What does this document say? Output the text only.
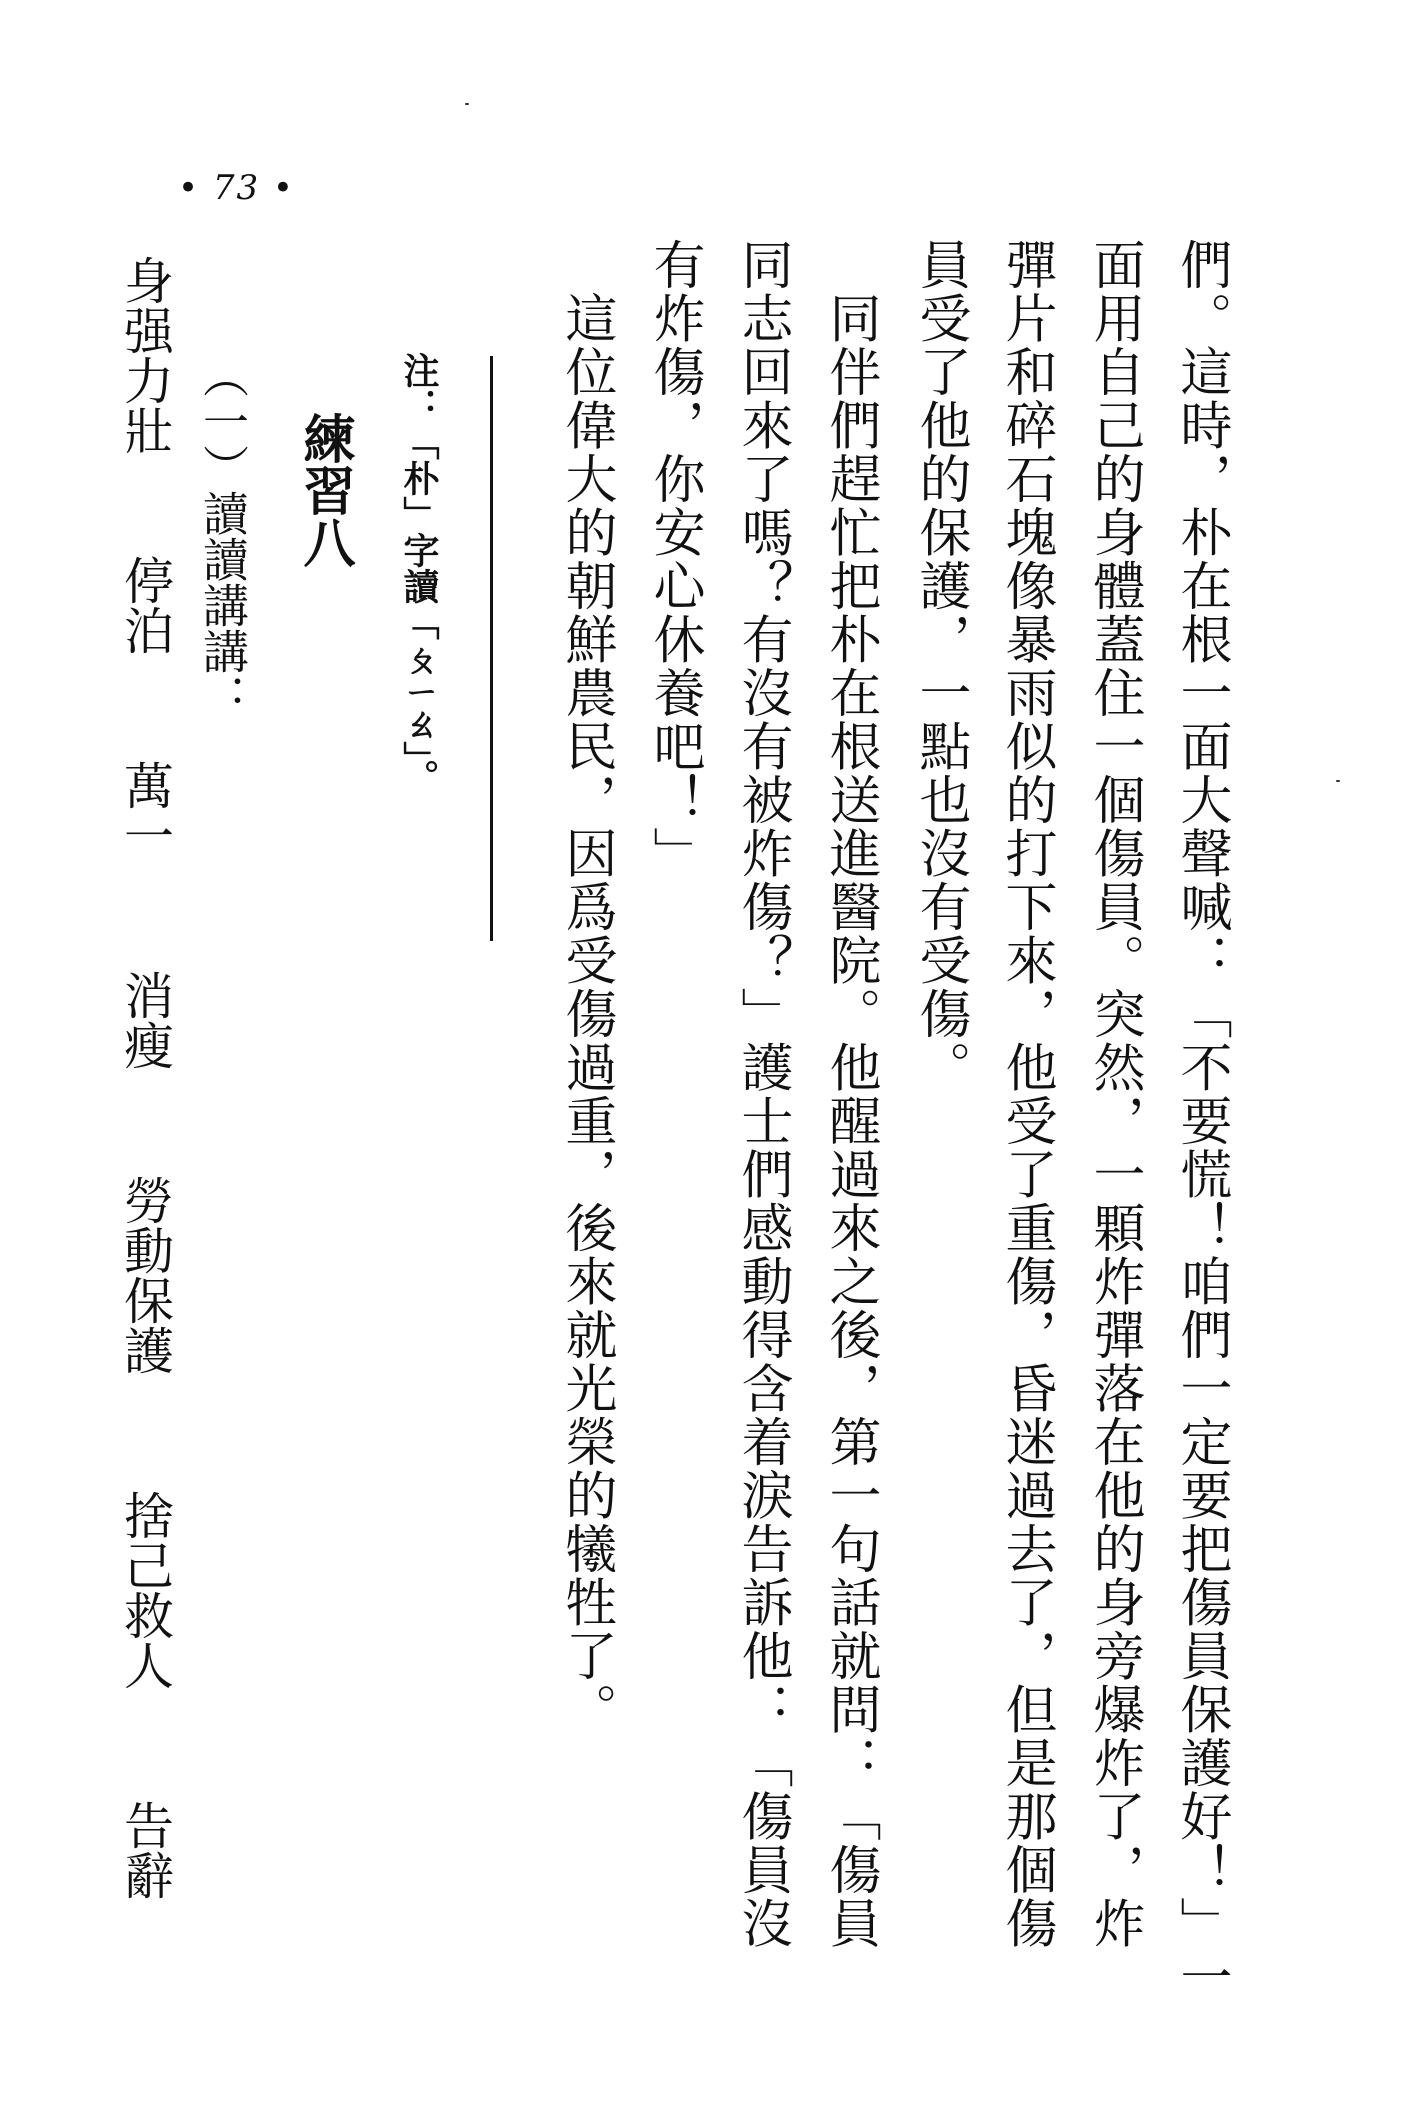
• 73 •
們。這時，朴在根一面大聲喊：「不要慌！咱們一定要把傷員保護好！」一
面用自己的身體蓋住一個傷員。突然，一顆炸彈落在他的身旁爆炸了，炸
彈片和碎石塊像暴雨似的打下來，他受了重傷，昏迷過去了，但是那個傷
員受了他的保護，一點也沒有受傷。
　同伴們趕忙把朴在根送進醫院。他醒過來之後，第一句話就問：「傷員
同志回來了嗎？有沒有被炸傷？」護士們感動得含着淚告訴他：「傷員沒
有炸傷，你安心休養吧！」
　這位偉大的朝鮮農民，因爲受傷過重，後來就光榮的犧牲了。
注：「朴」字讀「ㄆㄧㄠ」。
練習八
（一）讀讀講講：
身强力壯
停泊
萬一
消瘦
勞動保護
捨己救人
告辭
